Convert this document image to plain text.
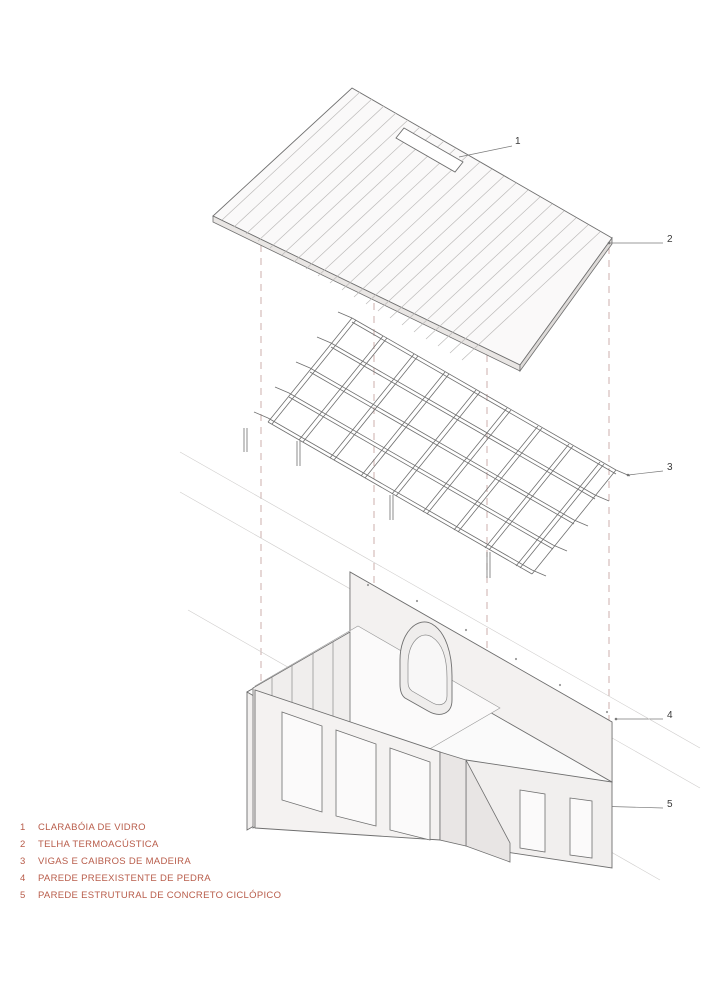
1
2
3
4
5
1	CLARABÓIA DE VIDRO
2	TELHA TERMOACÚSTICA
3	VIGAS E CAIBROS DE MADEIRA
4	PAREDE PREEXISTENTE DE PEDRA
5	PAREDE ESTRUTURAL DE CONCRETO CICLÓPICO
